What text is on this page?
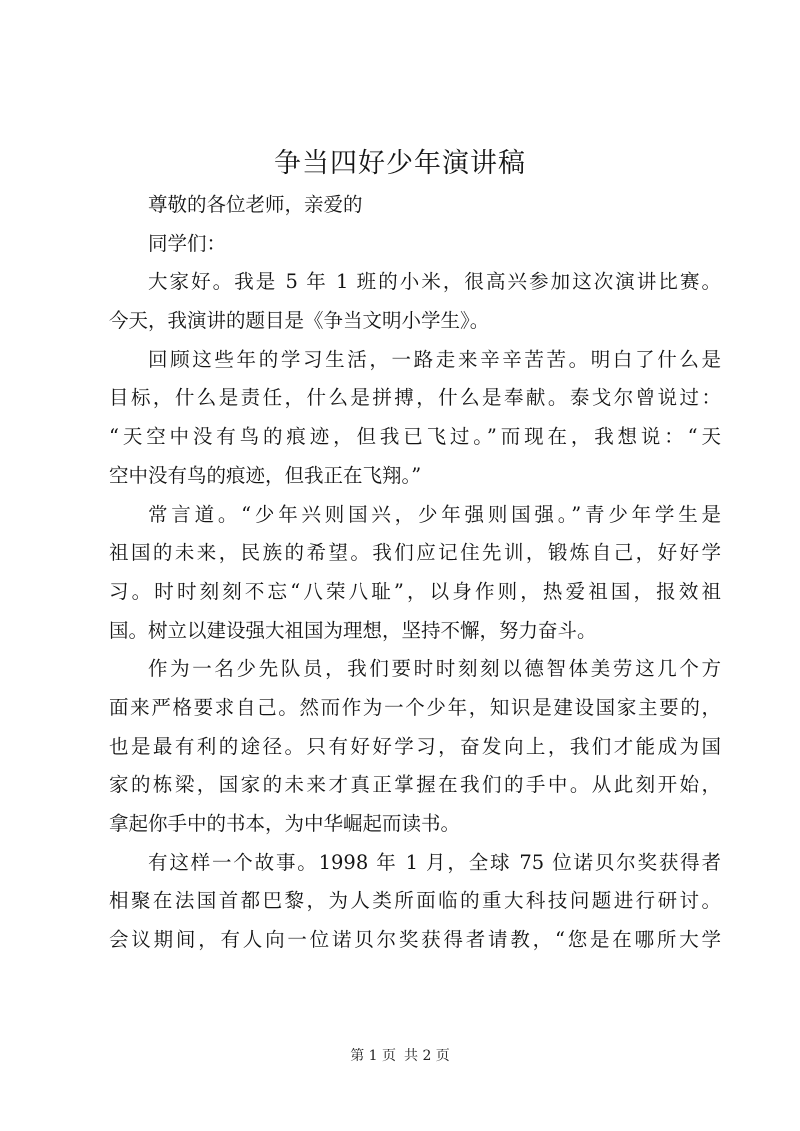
争当四好少年演讲稿
尊敬的各位老师，亲爱的
同学们：
大家好。我是 5 年 1 班的小米，很高兴参加这次演讲比赛。
今天，我演讲的题目是《争当文明小学生》。
回顾这些年的学习生活，一路走来辛辛苦苦。明白了什么是
目标，什么是责任，什么是拼搏，什么是奉献。泰戈尔曾说过：
“天空中没有鸟的痕迹，但我已飞过。”而现在，我想说：“天
空中没有鸟的痕迹，但我正在飞翔。”
常言道。“少年兴则国兴，少年强则国强。”青少年学生是
祖国的未来，民族的希望。我们应记住先训，锻炼自己，好好学
习。时时刻刻不忘“八荣八耻”，以身作则，热爱祖国，报效祖
国。树立以建设强大祖国为理想，坚持不懈，努力奋斗。
作为一名少先队员，我们要时时刻刻以德智体美劳这几个方
面来严格要求自己。然而作为一个少年，知识是建设国家主要的，
也是最有利的途径。只有好好学习，奋发向上，我们才能成为国
家的栋梁，国家的未来才真正掌握在我们的手中。从此刻开始，
拿起你手中的书本，为中华崛起而读书。
有这样一个故事。1998 年 1 月，全球 75 位诺贝尔奖获得者
相聚在法国首都巴黎，为人类所面临的重大科技问题进行研讨。
会议期间，有人向一位诺贝尔奖获得者请教，“您是在哪所大学
第 1 页 共 2 页
